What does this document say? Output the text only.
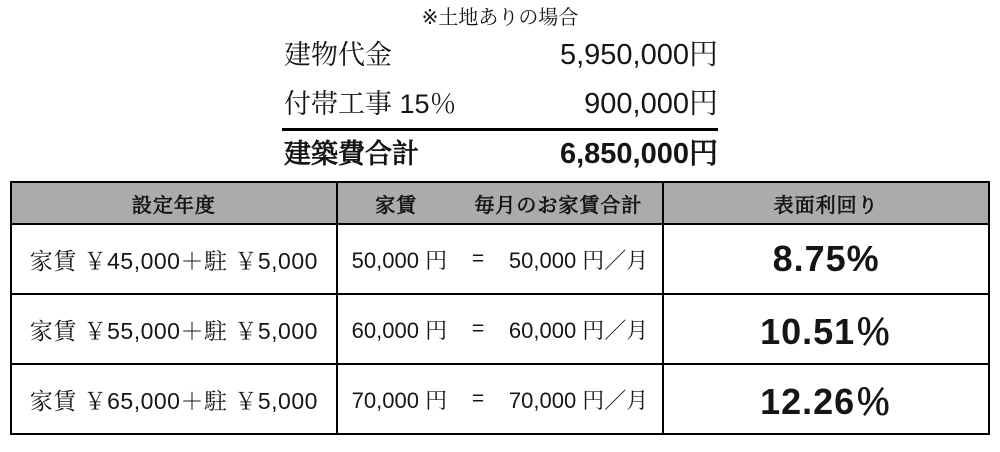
※土地ありの場合
建物代金	5,950,000円
付帯工事 15％	900,000円
建築費合計	6,850,000円
設定年度	家賃 毎月のお家賃合計	表面利回り
家賃 ￥45,000＋駐 ￥5,000	50,000 円 = 50,000 円／月	8.75%
家賃 ￥55,000＋駐 ￥5,000	60,000 円 = 60,000 円／月	10.51％
家賃 ￥65,000＋駐 ￥5,000	70,000 円 = 70,000 円／月	12.26％
